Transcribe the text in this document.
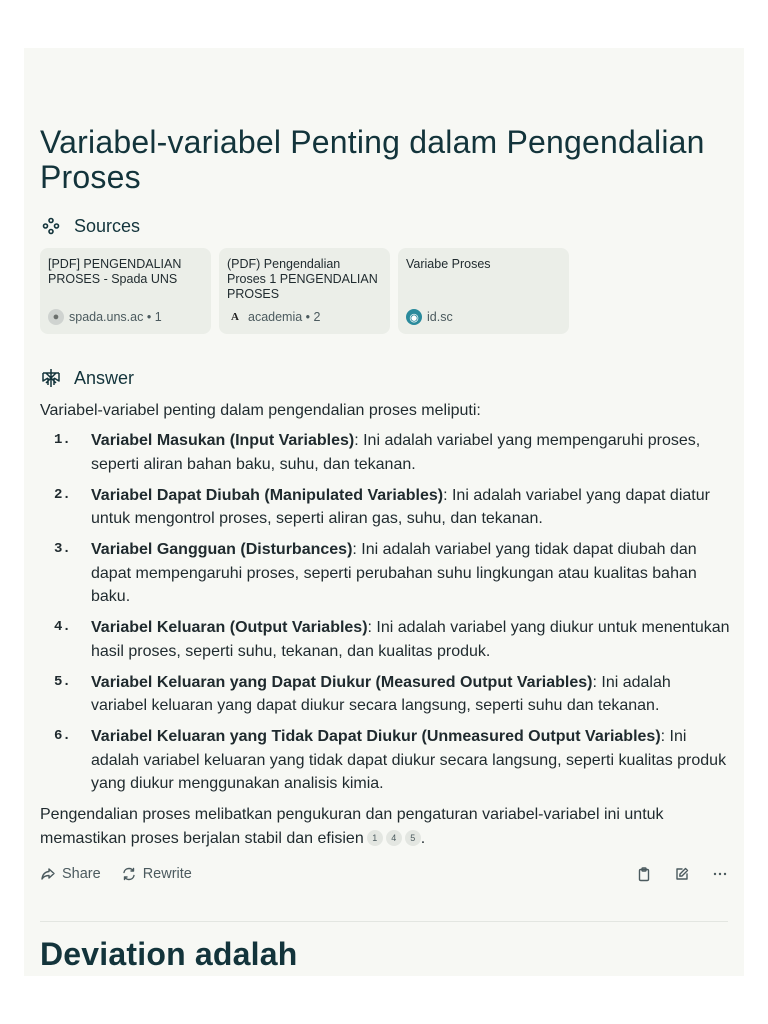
Variabel-variabel Penting dalam Pengendalian Proses
Sources
[PDF] PENGENDALIAN PROSES - Spada UNS
● spada.uns.ac • 1
(PDF) Pengendalian Proses 1 PENGENDALIAN PROSES
A academia • 2
Variabe Proses
◉ id.sc
Answer

Variabel-variabel penting dalam pengendalian proses meliputi:

1. Variabel Masukan (Input Variables): Ini adalah variabel yang mempengaruhi proses, seperti aliran bahan baku, suhu, dan tekanan.
2. Variabel Dapat Diubah (Manipulated Variables): Ini adalah variabel yang dapat diatur untuk mengontrol proses, seperti aliran gas, suhu, dan tekanan.
3. Variabel Gangguan (Disturbances): Ini adalah variabel yang tidak dapat diubah dan dapat mempengaruhi proses, seperti perubahan suhu lingkungan atau kualitas bahan baku.
4. Variabel Keluaran (Output Variables): Ini adalah variabel yang diukur untuk menentukan hasil proses, seperti suhu, tekanan, dan kualitas produk.
5. Variabel Keluaran yang Dapat Diukur (Measured Output Variables): Ini adalah variabel keluaran yang dapat diukur secara langsung, seperti suhu dan tekanan.
6. Variabel Keluaran yang Tidak Dapat Diukur (Unmeasured Output Variables): Ini adalah variabel keluaran yang tidak dapat diukur secara langsung, seperti kualitas produk yang diukur menggunakan analisis kimia.

Pengendalian proses melibatkan pengukuran dan pengaturan variabel-variabel ini untuk memastikan proses berjalan stabil dan efisien 1 4 5 .

Share	Rewrite
Deviation adalah
